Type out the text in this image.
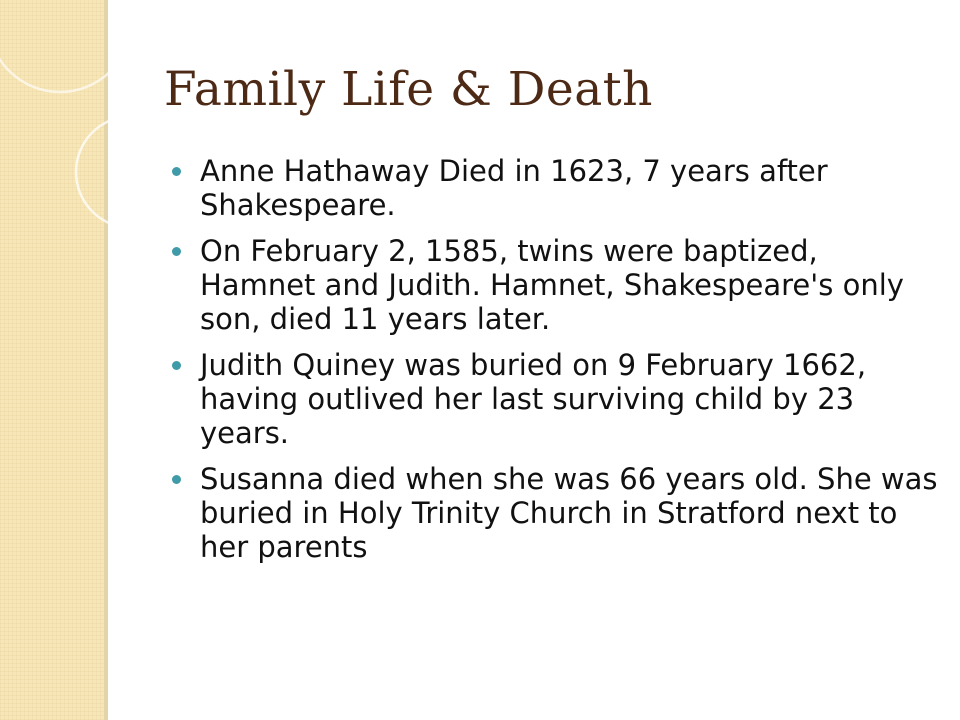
Family Life & Death
Anne Hathaway Died in 1623, 7 years after Shakespeare.
On February 2, 1585, twins were baptized, Hamnet and Judith. Hamnet, Shakespeare's only son, died 11 years later.
Judith Quiney was buried on 9 February 1662, having outlived her last surviving child by 23 years.
Susanna died when she was 66 years old. She was buried in Holy Trinity Church in Stratford next to her parents
